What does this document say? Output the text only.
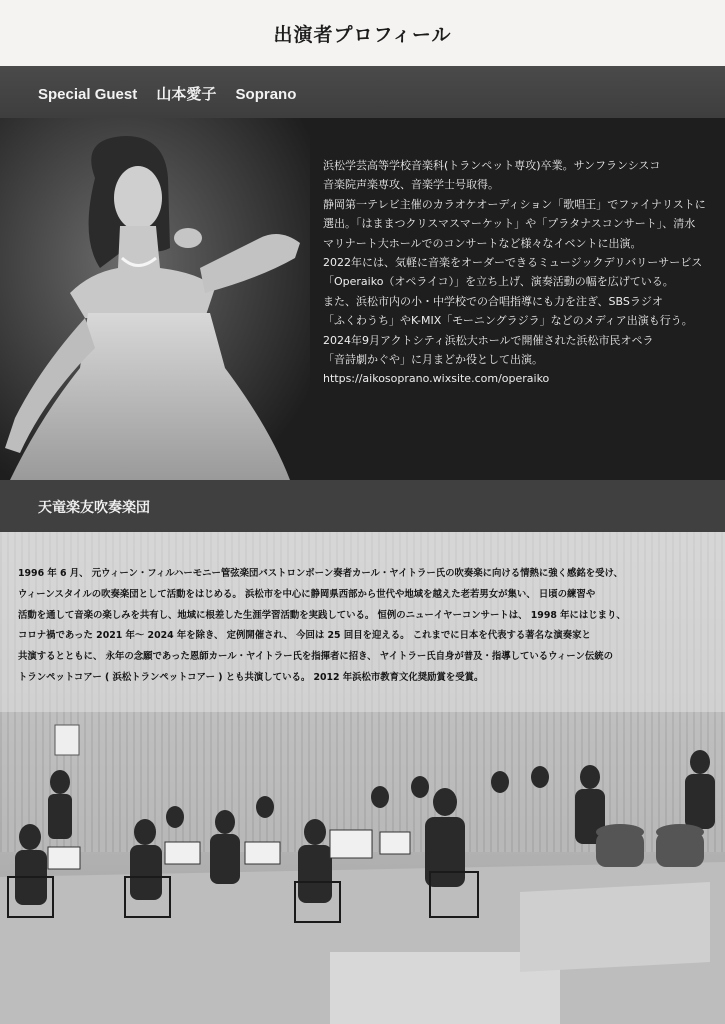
出演者プロフィール
Special Guest　 山本愛子　 Soprano
浜松学芸高等学校音楽科(トランペット専攻)卒業。サンフランシスコ
音楽院声楽専攻、音楽学士号取得。
静岡第一テレビ主催のカラオケオーディション「歌唱王」でファイナリストに
選出。「はままつクリスマスマーケット」や「プラタナスコンサート」、清水
マリナート大ホールでのコンサートなど様々なイベントに出演。
2022年には、気軽に音楽をオーダーできるミュージックデリバリーサービス
「Operaiko（オペライコ）」を立ち上げ、演奏活動の幅を広げている。
また、浜松市内の小・中学校での合唱指導にも力を注ぎ、SBSラジオ
「ふくわうち」やK-MIX「モーニングラジラ」などのメディア出演も行う。
2024年9月アクトシティ浜松大ホールで開催された浜松市民オペラ
「音詩劇かぐや」に月まどか役として出演。
https://aikosoprano.wixsite.com/operaiko
天竜楽友吹奏楽団
1996 年 6 月、 元ウィーン・フィルハーモニー管弦楽団バストロンボーン奏者カール・ヤイトラー氏の吹奏楽に向ける情熱に強く感銘を受け、
ウィーンスタイルの吹奏楽団として活動をはじめる。 浜松市を中心に静岡県西部から世代や地域を越えた老若男女が集い、 日頃の練習や
活動を通して音楽の楽しみを共有し、地域に根差した生涯学習活動を実践している。 恒例のニューイヤーコンサートは、 1998 年にはじまり、
コロナ禍であった 2021 年～ 2024 年を除き、 定例開催され、 今回は 25 回目を迎える。 これまでに日本を代表する著名な演奏家と
共演するとともに、 永年の念願であった恩師カール・ヤイトラー氏を指揮者に招き、 ヤイトラー氏自身が普及・指導しているウィーン伝統の
トランペットコアー ( 浜松トランペットコアー ) とも共演している。 2012 年浜松市教育文化奨励賞を受賞。
